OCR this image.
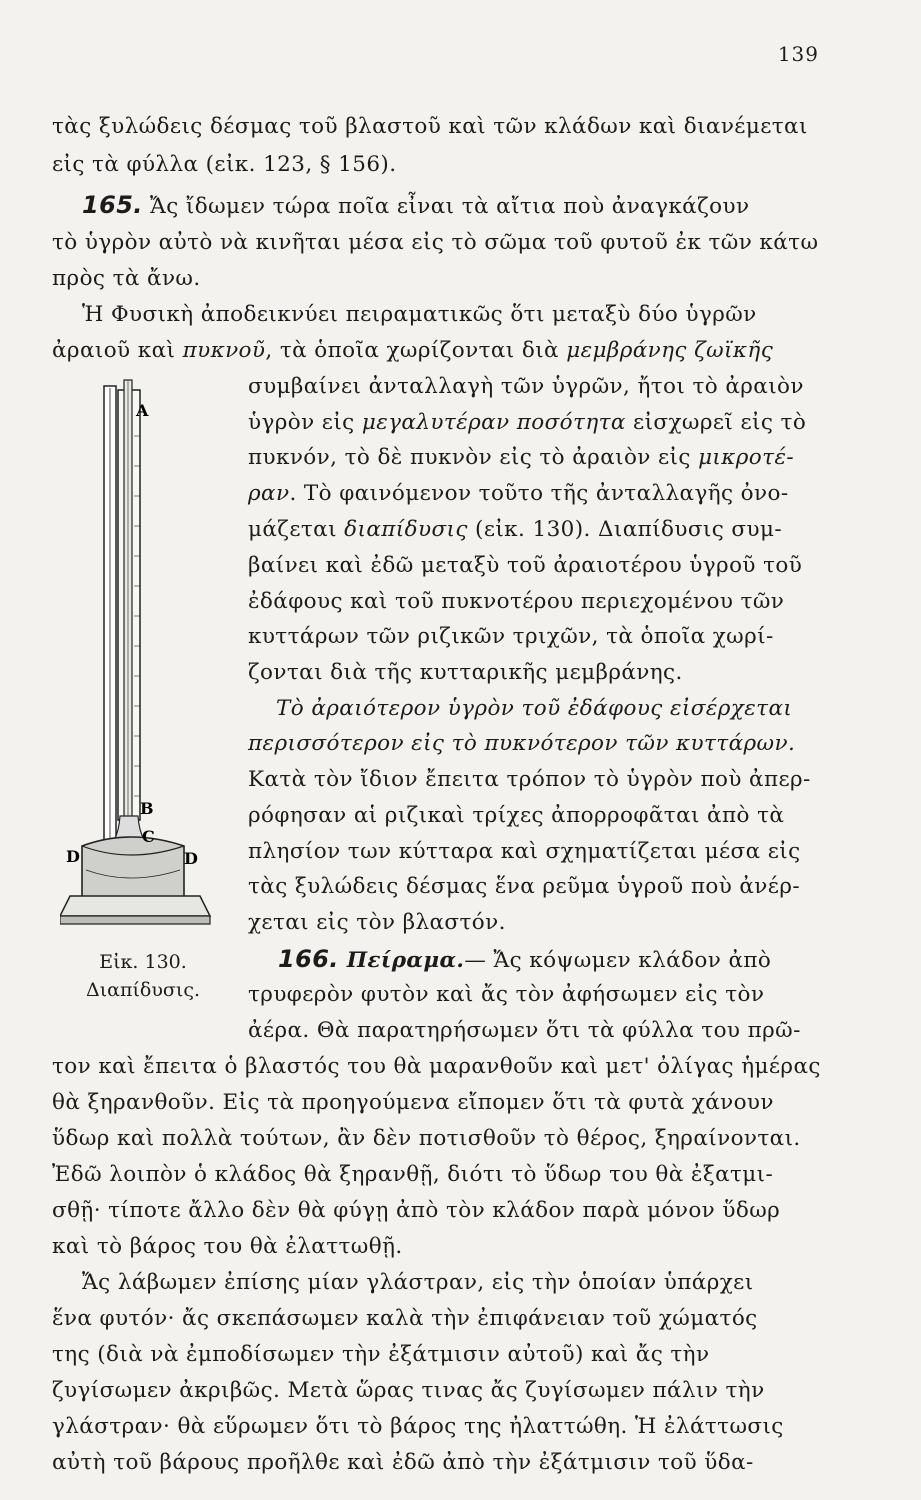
139
τὰς ξυλώδεις δέσμας τοῦ βλαστοῦ καὶ τῶν κλάδων καὶ διανέμεται
εἰς τὰ φύλλα (εἰκ. 123, § 156).
165. Ἄς ἴδωμεν τώρα ποῖα εἶναι τὰ αἴτια ποὺ ἀναγκάζουν
τὸ ὑγρὸν αὐτὸ νὰ κινῆται μέσα εἰς τὸ σῶμα τοῦ φυτοῦ ἐκ τῶν κάτω
πρὸς τὰ ἄνω.
Ἡ Φυσικὴ ἀποδεικνύει πειραματικῶς ὅτι μεταξὺ δύο ὑγρῶν
ἀραιοῦ καὶ πυκνοῦ, τὰ ὁποῖα χωρίζονται διὰ μεμβράνης ζωϊκῆς
συμβαίνει ἀνταλλαγὴ τῶν ὑγρῶν, ἤτοι τὸ ἀραιὸν
ὑγρὸν εἰς μεγαλυτέραν ποσότητα εἰσχωρεῖ εἰς τὸ
πυκνόν, τὸ δὲ πυκνὸν εἰς τὸ ἀραιὸν εἰς μικροτέ-
ραν. Τὸ φαινόμενον τοῦτο τῆς ἀνταλλαγῆς ὀνο-
μάζεται διαπίδυσις (εἰκ. 130). Διαπίδυσις συμ-
βαίνει καὶ ἐδῶ μεταξὺ τοῦ ἀραιοτέρου ὑγροῦ τοῦ
ἐδάφους καὶ τοῦ πυκνοτέρου περιεχομένου τῶν
κυττάρων τῶν ριζικῶν τριχῶν, τὰ ὁποῖα χωρί-
ζονται διὰ τῆς κυτταρικῆς μεμβράνης.
Τὸ ἀραιότερον ὑγρὸν τοῦ ἐδάφους εἰσέρχεται
περισσότερον εἰς τὸ πυκνότερον τῶν κυττάρων.
Κατὰ τὸν ἴδιον ἔπειτα τρόπον τὸ ὑγρὸν ποὺ ἀπερ-
ρόφησαν αἱ ριζικαὶ τρίχες ἀπορροφᾶται ἀπὸ τὰ
πλησίον των κύτταρα καὶ σχηματίζεται μέσα εἰς
τὰς ξυλώδεις δέσμας ἕνα ρεῦμα ὑγροῦ ποὺ ἀνέρ-
χεται εἰς τὸν βλαστόν.
166. Πείραμα.— Ἄς κόψωμεν κλάδον ἀπὸ
τρυφερὸν φυτὸν καὶ ἄς τὸν ἀφήσωμεν εἰς τὸν
ἀέρα. Θὰ παρατηρήσωμεν ὅτι τὰ φύλλα του πρῶ-
τον καὶ ἔπειτα ὁ βλαστός του θὰ μαρανθοῦν καὶ μετ' ὀλίγας ἡμέρας
θὰ ξηρανθοῦν. Εἰς τὰ προηγούμενα εἴπομεν ὅτι τὰ φυτὰ χάνουν
ὕδωρ καὶ πολλὰ τούτων, ἂν δὲν ποτισθοῦν τὸ θέρος, ξηραίνονται.
Ἐδῶ λοιπὸν ὁ κλάδος θὰ ξηρανθῇ, διότι τὸ ὕδωρ του θὰ ἐξατμι-
σθῇ· τίποτε ἄλλο δὲν θὰ φύγῃ ἀπὸ τὸν κλάδον παρὰ μόνον ὕδωρ
καὶ τὸ βάρος του θὰ ἐλαττωθῇ.
Ἄς λάβωμεν ἐπίσης μίαν γλάστραν, εἰς τὴν ὁποίαν ὑπάρχει
ἕνα φυτόν· ἄς σκεπάσωμεν καλὰ τὴν ἐπιφάνειαν τοῦ χώματός
της (διὰ νὰ ἐμποδίσωμεν τὴν ἐξάτμισιν αὐτοῦ) καὶ ἄς τὴν
ζυγίσωμεν ἀκριβῶς. Μετὰ ὥρας τινας ἄς ζυγίσωμεν πάλιν τὴν
γλάστραν· θὰ εὕρωμεν ὅτι τὸ βάρος της ἠλαττώθη. Ἡ ἐλάττωσις
αὐτὴ τοῦ βάρους προῆλθε καὶ ἐδῶ ἀπὸ τὴν ἐξάτμισιν τοῦ ὕδα-
A
B
C
D	D
Εἰκ. 130.
Διαπίδυσις.
